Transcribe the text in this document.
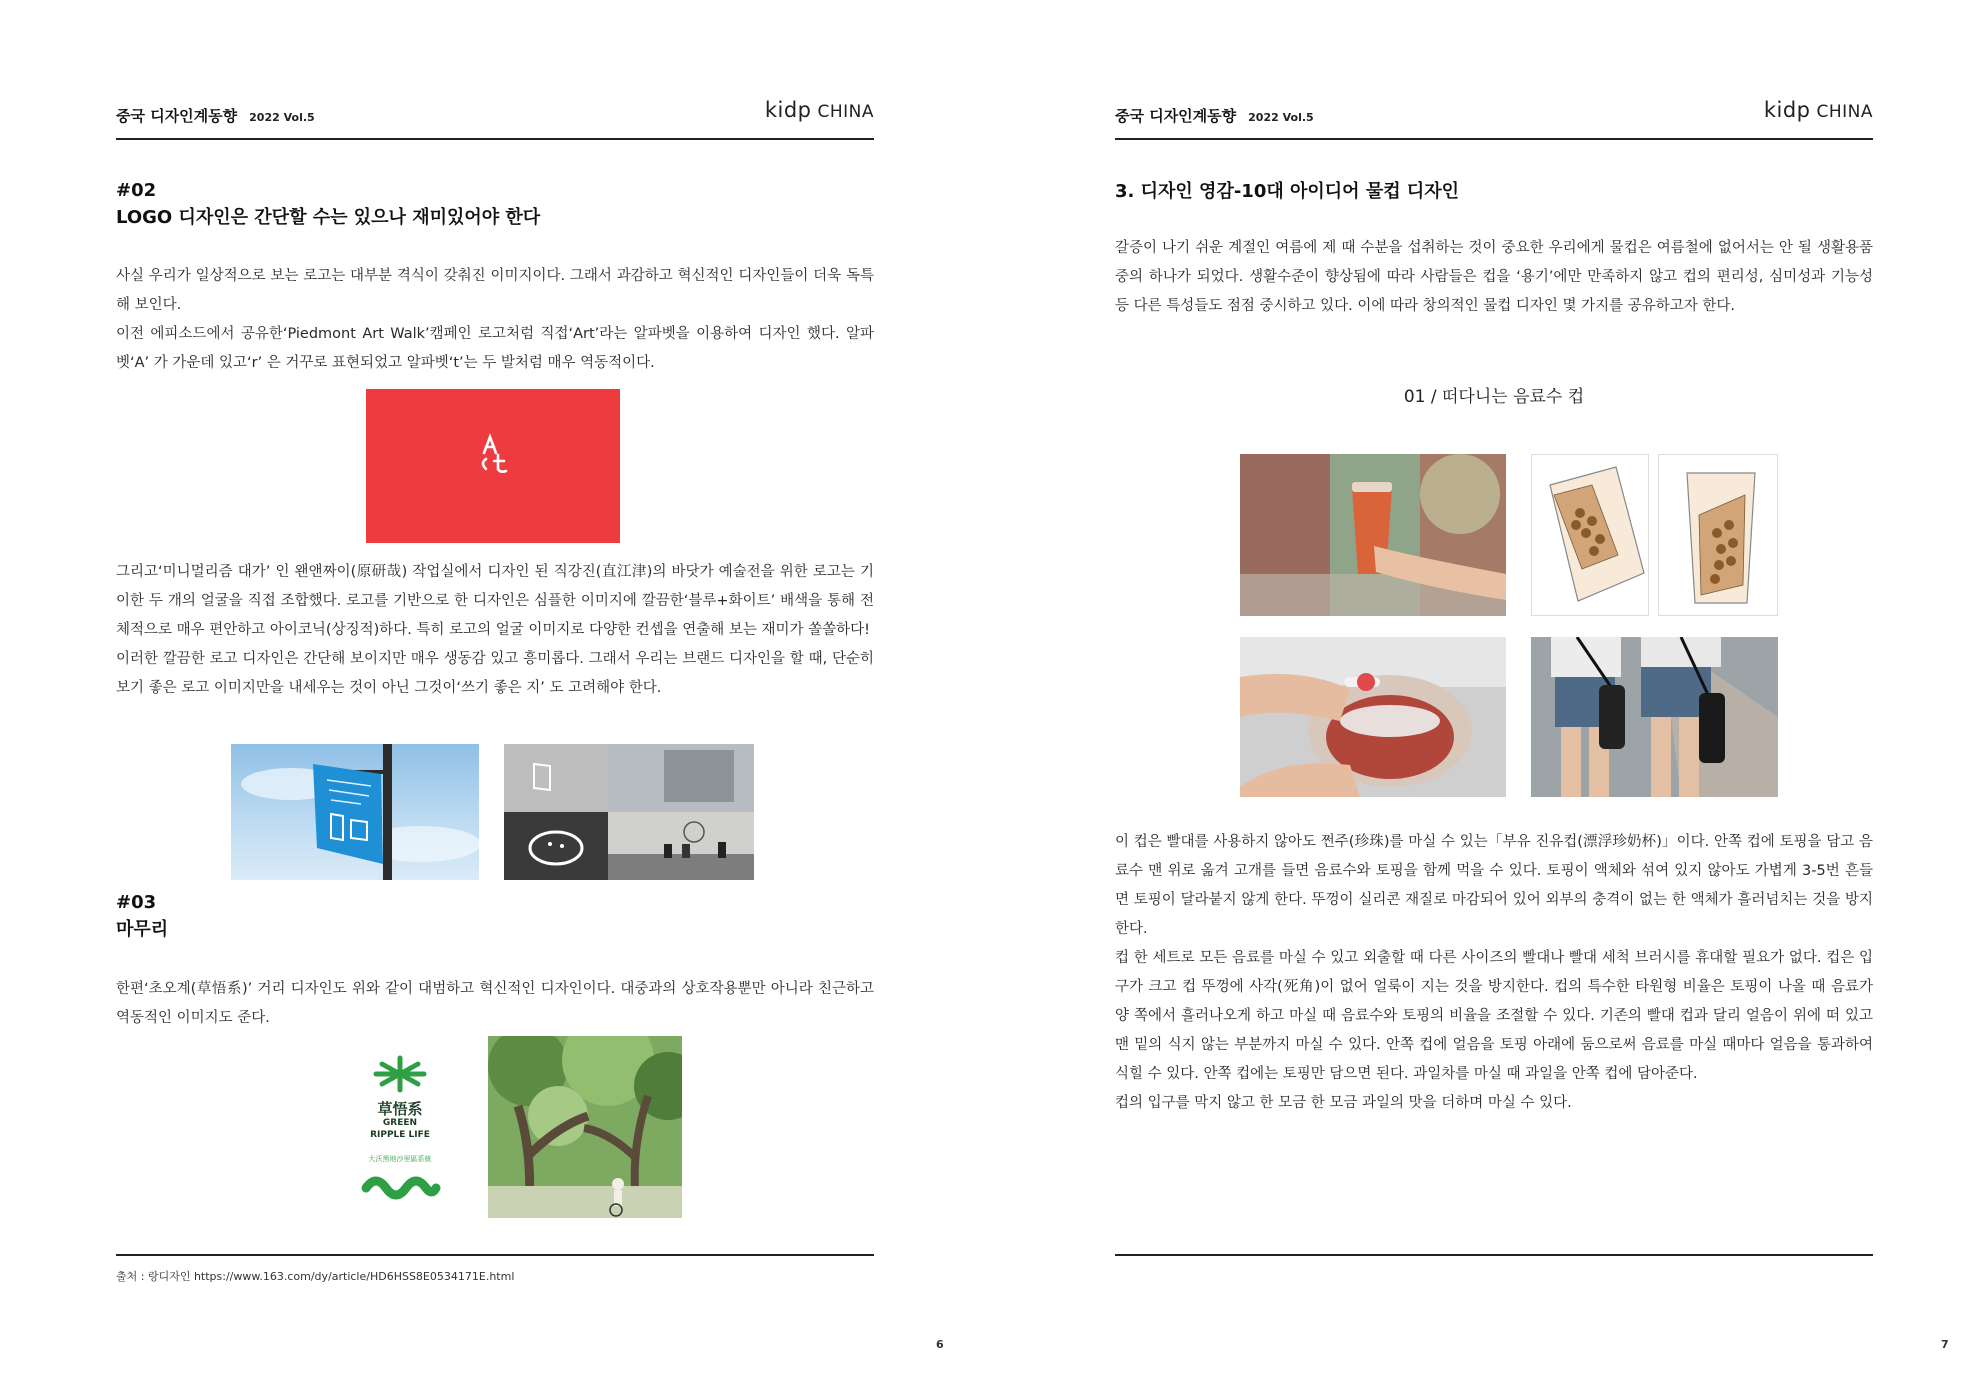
중국 디자인계동향 2022 Vol.5	kidp CHINA
#02
LOGO 디자인은 간단할 수는 있으나 재미있어야 한다

사실 우리가 일상적으로 보는 로고는 대부분 격식이 갖춰진 이미지이다. 그래서 과감하고 혁신적인 디자인들이 더욱 독특해 보인다.

이전 에피소드에서 공유한‘Piedmont Art Walk’캠페인 로고처럼 직접‘Art’라는 알파벳을 이용하여 디자인 했다. 알파벳‘A’ 가 가운데 있고‘r’ 은 거꾸로 표현되었고 알파벳‘t’는 두 발처럼 매우 역동적이다.

그리고‘미니멀리즘 대가’ 인 왠앤짜이(原研哉) 작업실에서 디자인 된 직강진(直江津)의 바닷가 예술전을 위한 로고는 기이한 두 개의 얼굴을 직접 조합했다. 로고를 기반으로 한 디자인은 심플한 이미지에 깔끔한‘블루+화이트’ 배색을 통해 전체적으로 매우 편안하고 아이코닉(상징적)하다. 특히 로고의 얼굴 이미지로 다양한 컨셉을 연출해 보는 재미가 쏠쏠하다!

이러한 깔끔한 로고 디자인은 간단해 보이지만 매우 생동감 있고 흥미롭다. 그래서 우리는 브랜드 디자인을 할 때, 단순히 보기 좋은 로고 이미지만을 내세우는 것이 아닌 그것이‘쓰기 좋은 지’ 도 고려해야 한다.

#03
마무리

한편‘초오계(草悟系)’ 거리 디자인도 위와 같이 대범하고 혁신적인 디자인이다. 대중과의 상호작용뿐만 아니라 친근하고 역동적인 이미지도 준다.

草悟系
GREEN
RIPPLE LIFE
大沃黑地沙里區系統
출처 : 랑디자인 https://www.163.com/dy/article/HD6HSS8E0534171E.html
6
중국 디자인계동향 2022 Vol.5	kidp CHINA
3. 디자인 영감-10대 아이디어 물컵 디자인

갈증이 나기 쉬운 계절인 여름에 제 때 수분을 섭취하는 것이 중요한 우리에게 물컵은 여름철에 없어서는 안 될 생활용품 중의 하나가 되었다. 생활수준이 향상됨에 따라 사람들은 컵을 ‘용기’에만 만족하지 않고 컵의 편리성, 심미성과 기능성 등 다른 특성들도 점점 중시하고 있다. 이에 따라 창의적인 물컵 디자인 몇 가지를 공유하고자 한다.

01 / 떠다니는 음료수 컵

이 컵은 빨대를 사용하지 않아도 쩐주(珍珠)를 마실 수 있는「부유 진유컵(漂浮珍奶杯)」이다. 안쪽 컵에 토핑을 담고 음료수 맨 위로 옮겨 고개를 들면 음료수와 토핑을 함께 먹을 수 있다. 토핑이 액체와 섞여 있지 않아도 가볍게 3-5번 흔들면 토핑이 달라붙지 않게 한다. 뚜껑이 실리콘 재질로 마감되어 있어 외부의 충격이 없는 한 액체가 흘러넘치는 것을 방지한다.

컵 한 세트로 모든 음료를 마실 수 있고 외출할 때 다른 사이즈의 빨대나 빨대 세척 브러시를 휴대할 필요가 없다. 컵은 입구가 크고 컵 뚜껑에 사각(死角)이 없어 얼룩이 지는 것을 방지한다. 컵의 특수한 타원형 비율은 토핑이 나올 때 음료가 양 쪽에서 흘러나오게 하고 마실 때 음료수와 토핑의 비율을 조절할 수 있다. 기존의 빨대 컵과 달리 얼음이 위에 떠 있고 맨 밑의 식지 않는 부분까지 마실 수 있다. 안쪽 컵에 얼음을 토핑 아래에 둠으로써 음료를 마실 때마다 얼음을 통과하여 식힐 수 있다. 안쪽 컵에는 토핑만 담으면 된다. 과일차를 마실 때 과일을 안쪽 컵에 담아준다.

컵의 입구를 막지 않고 한 모금 한 모금 과일의 맛을 더하며 마실 수 있다.

7
